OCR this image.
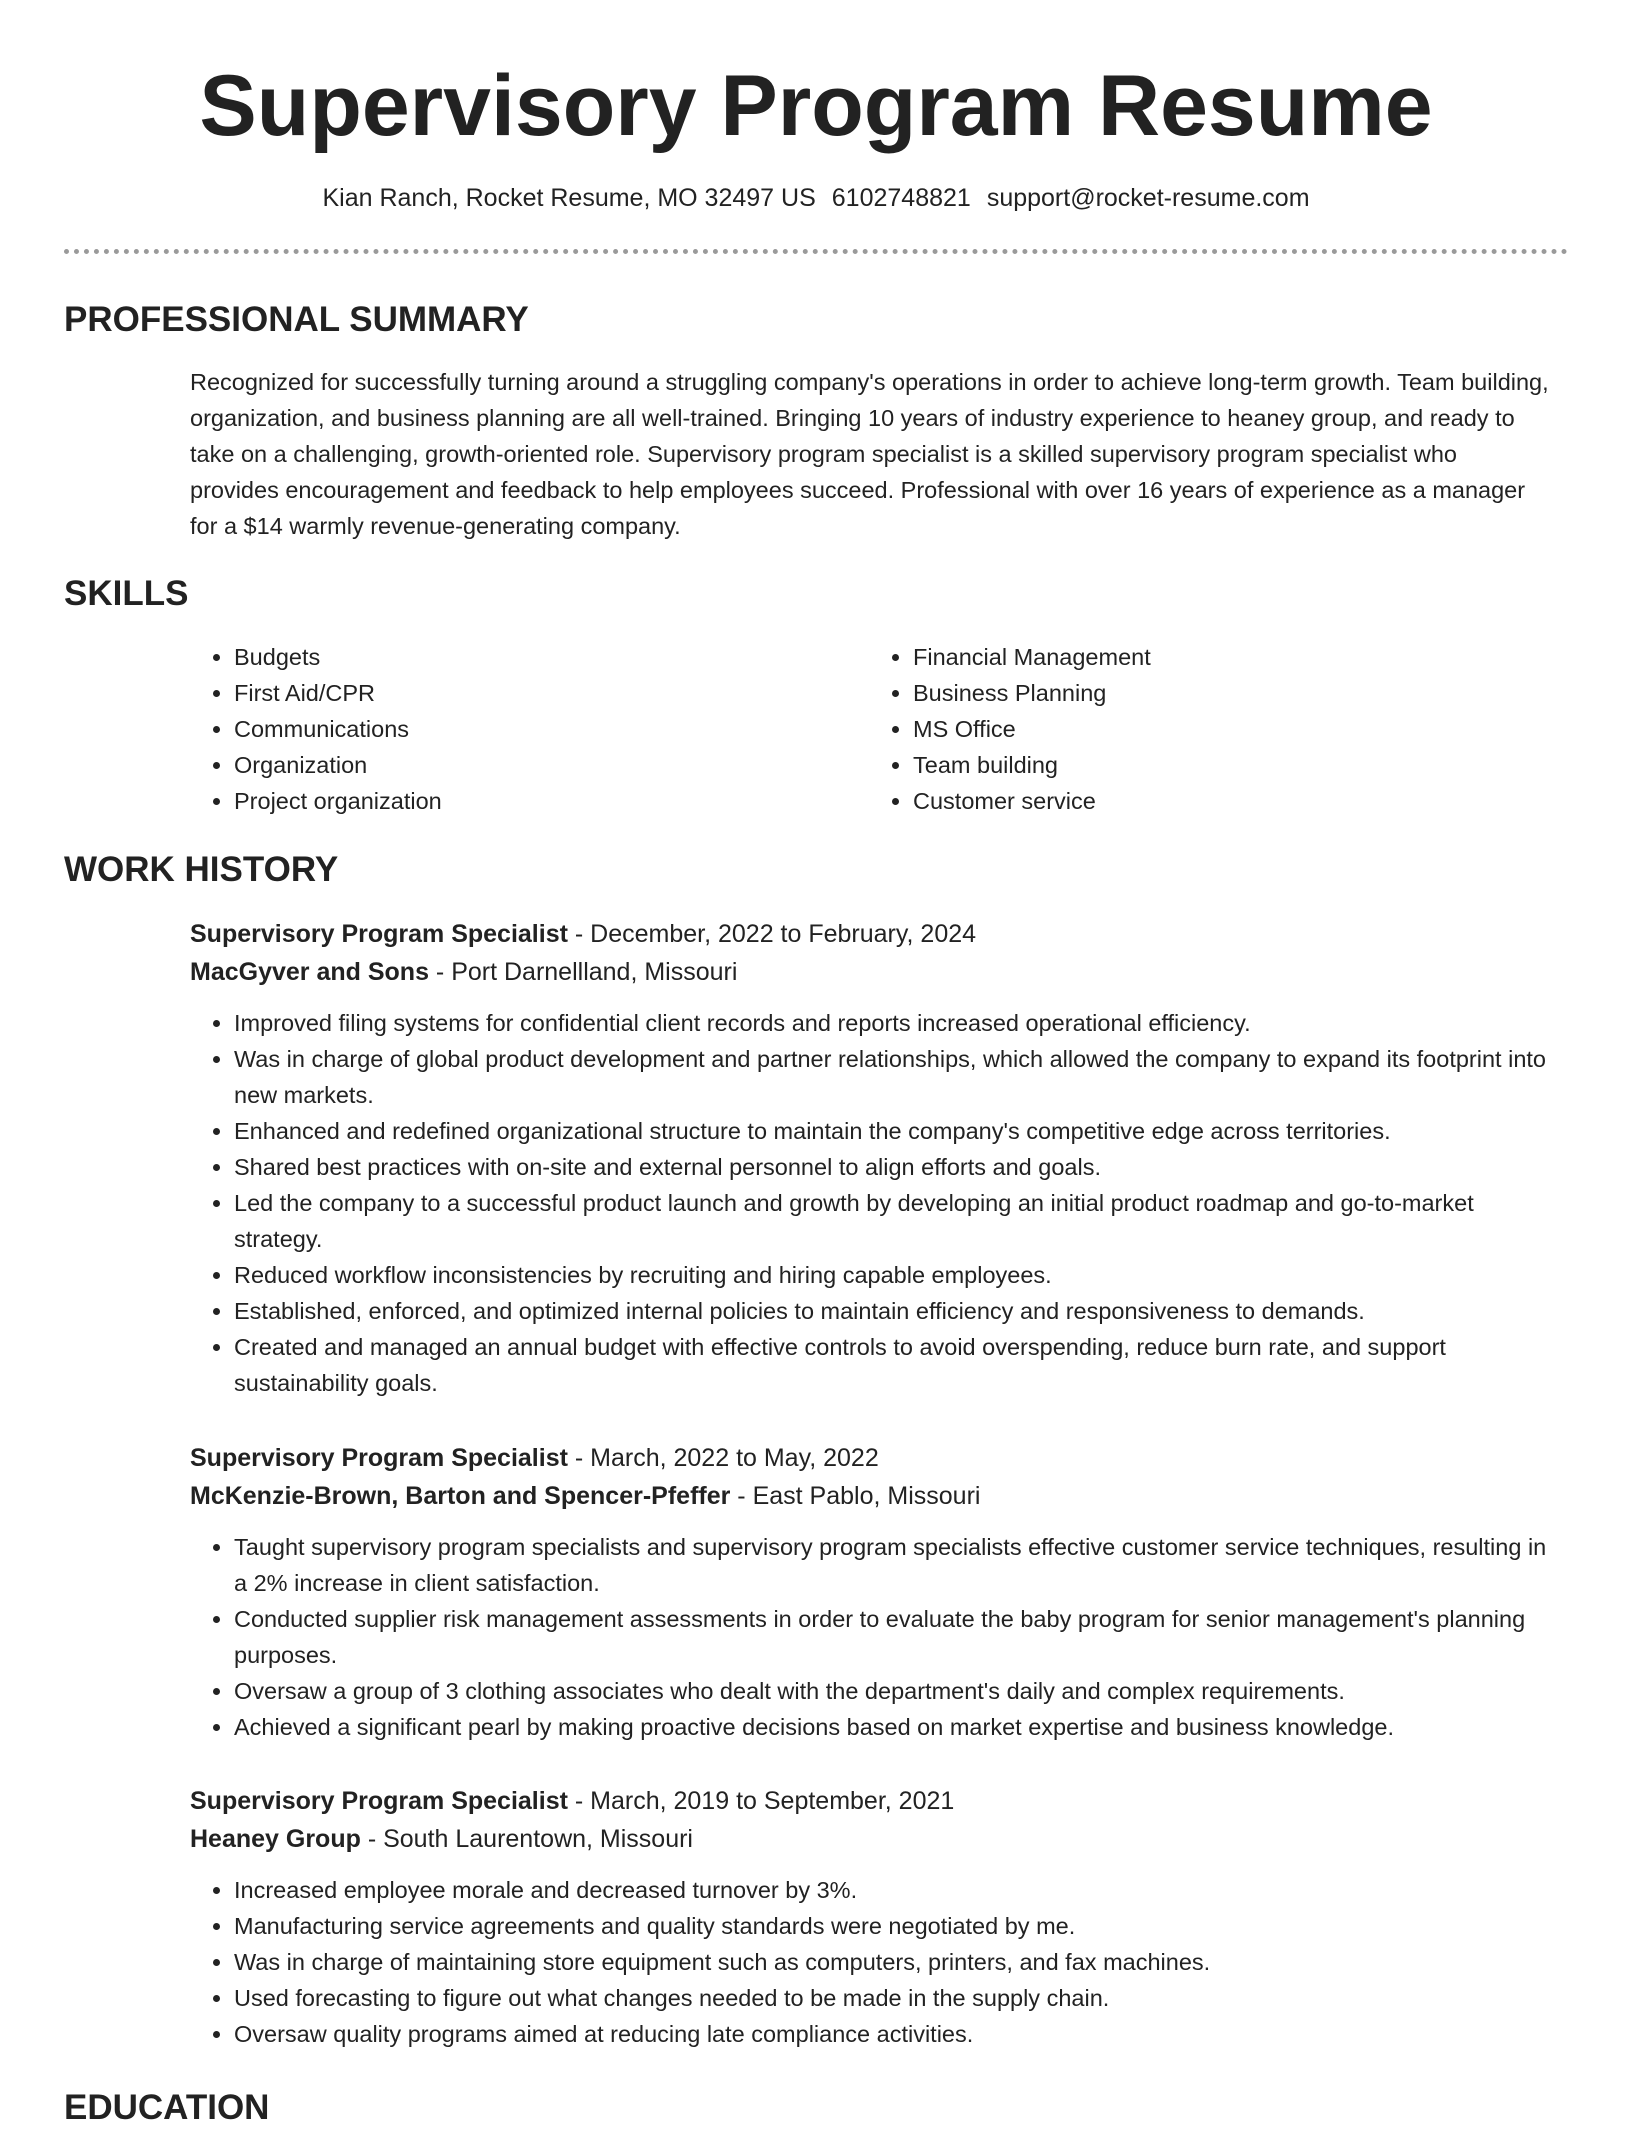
Supervisory Program Resume
Kian Ranch, Rocket Resume, MO 32497 US 6102748821 support@rocket-resume.com
PROFESSIONAL SUMMARY

Recognized for successfully turning around a struggling company's operations in order to achieve long-term growth. Team building, organization, and business planning are all well-trained. Bringing 10 years of industry experience to heaney group, and ready to take on a challenging, growth-oriented role. Supervisory program specialist is a skilled supervisory program specialist who provides encouragement and feedback to help employees succeed. Professional with over 16 years of experience as a manager for a $14 warmly revenue-generating company.

SKILLS
• Budgets
• First Aid/CPR
• Communications
• Organization
• Project organization
• Financial Management
• Business Planning
• MS Office
• Team building
• Customer service
WORK HISTORY

Supervisory Program Specialist - December, 2022 to February, 2024

MacGyver and Sons - Port Darnellland, Missouri

• Improved filing systems for confidential client records and reports increased operational efficiency.
• Was in charge of global product development and partner relationships, which allowed the company to expand its footprint into new markets.
• Enhanced and redefined organizational structure to maintain the company's competitive edge across territories.
• Shared best practices with on-site and external personnel to align efforts and goals.
• Led the company to a successful product launch and growth by developing an initial product roadmap and go-to-market strategy.
• Reduced workflow inconsistencies by recruiting and hiring capable employees.
• Established, enforced, and optimized internal policies to maintain efficiency and responsiveness to demands.
• Created and managed an annual budget with effective controls to avoid overspending, reduce burn rate, and support sustainability goals.

Supervisory Program Specialist - March, 2022 to May, 2022

McKenzie-Brown, Barton and Spencer-Pfeffer - East Pablo, Missouri

• Taught supervisory program specialists and supervisory program specialists effective customer service techniques, resulting in a 2% increase in client satisfaction.
• Conducted supplier risk management assessments in order to evaluate the baby program for senior management's planning purposes.
• Oversaw a group of 3 clothing associates who dealt with the department's daily and complex requirements.
• Achieved a significant pearl by making proactive decisions based on market expertise and business knowledge.

Supervisory Program Specialist - March, 2019 to September, 2021

Heaney Group - South Laurentown, Missouri

• Increased employee morale and decreased turnover by 3%.
• Manufacturing service agreements and quality standards were negotiated by me.
• Was in charge of maintaining store equipment such as computers, printers, and fax machines.
• Used forecasting to figure out what changes needed to be made in the supply chain.
• Oversaw quality programs aimed at reducing late compliance activities.
EDUCATION
